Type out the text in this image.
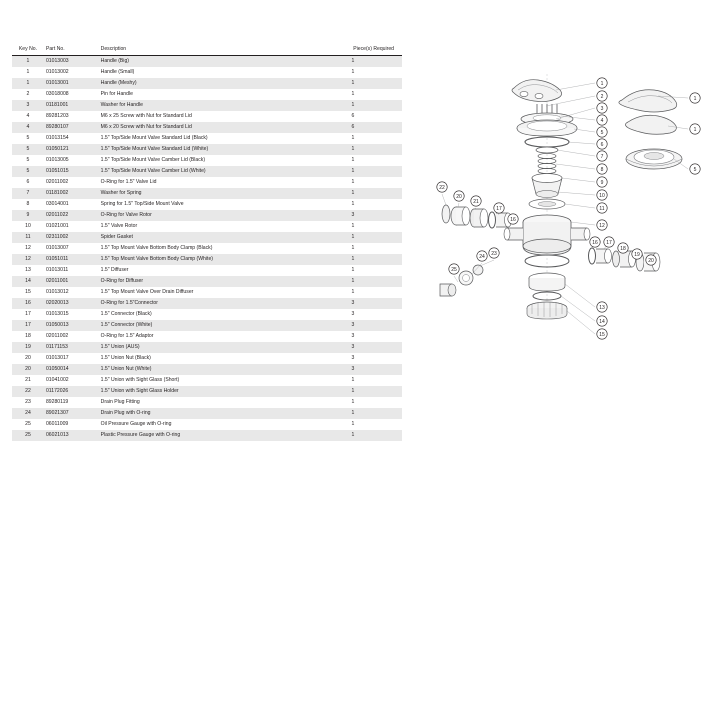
Key No.	Part No.	Description	Piece(s) Required
1	01013003	Handle (Big)	1
1	01013002	Handle (Small)	1
1	01013001	Handle (Meshy)	1
2	03018008	Pin for Handle	1
3	01181001	Washer for Handle	1
4	89281203	M6 x 25 Screw with Nut for Standard Lid	6
4	89280107	M6 x 20 Screw with Nut for Standard Lid	6
5	01013154	1.5" Top/Side Mount Valve Standard Lid (Black)	1
5	01050121	1.5" Top/Side Mount Valve Standard Lid (White)	1
5	01013005	1.5" Top/Side Mount Valve Camber Lid (Black)	1
5	01051015	1.5" Top/Side Mount Valve Camber Lid (White)	1
6	02011002	O-Ring for 1.5" Valve Lid	1
7	01181002	Washer for Spring	1
8	03014001	Spring for 1.5" Top/Side Mount Valve	1
9	02011022	O-Ring for Valve Rotor	3
10	01021001	1.5" Valve Rotor	1
11	02311002	Spider Gasket	1
12	01013007	1.5" Top Mount Valve Bottom Body Clamp (Black)	1
12	01051011	1.5" Top Mount Valve Bottom Body Clamp (White)	1
13	01013011	1.5" Diffuser	1
14	02011001	O-Ring for Diffuser	1
15	01013012	1.5" Top Mount Valve Over Drain Diffuser	1
16	02020013	O-Ring for 1.5"Connector	3
17	01013015	1.5" Connector (Black)	3
17	01050013	1.5" Connector (White)	3
18	02011002	O-Ring for 1.5" Adaptor	3
19	01171153	1.5" Union (AUS)	3
20	01013017	1.5" Union Nut (Black)	3
20	01050014	1.5" Union Nut (White)	3
21	01041002	1.5" Union with Sight Glass (Short)	1
22	01172026	1.5" Union with Sight Glass Holder	1
23	89280119	Drain Plug Fitting	1
24	89021307	Drain Plug with O-ring	1
25	06011009	Oil Pressure Gauge with O-ring	1
25	06021013	Plastic Pressure Gauge with O-ring	1
1
2
3
4
5
6
7
8
9
10
11
12
1
1
5
13
14
15
16 17
18
19
20
22
20
21
17
16
25
24 23
